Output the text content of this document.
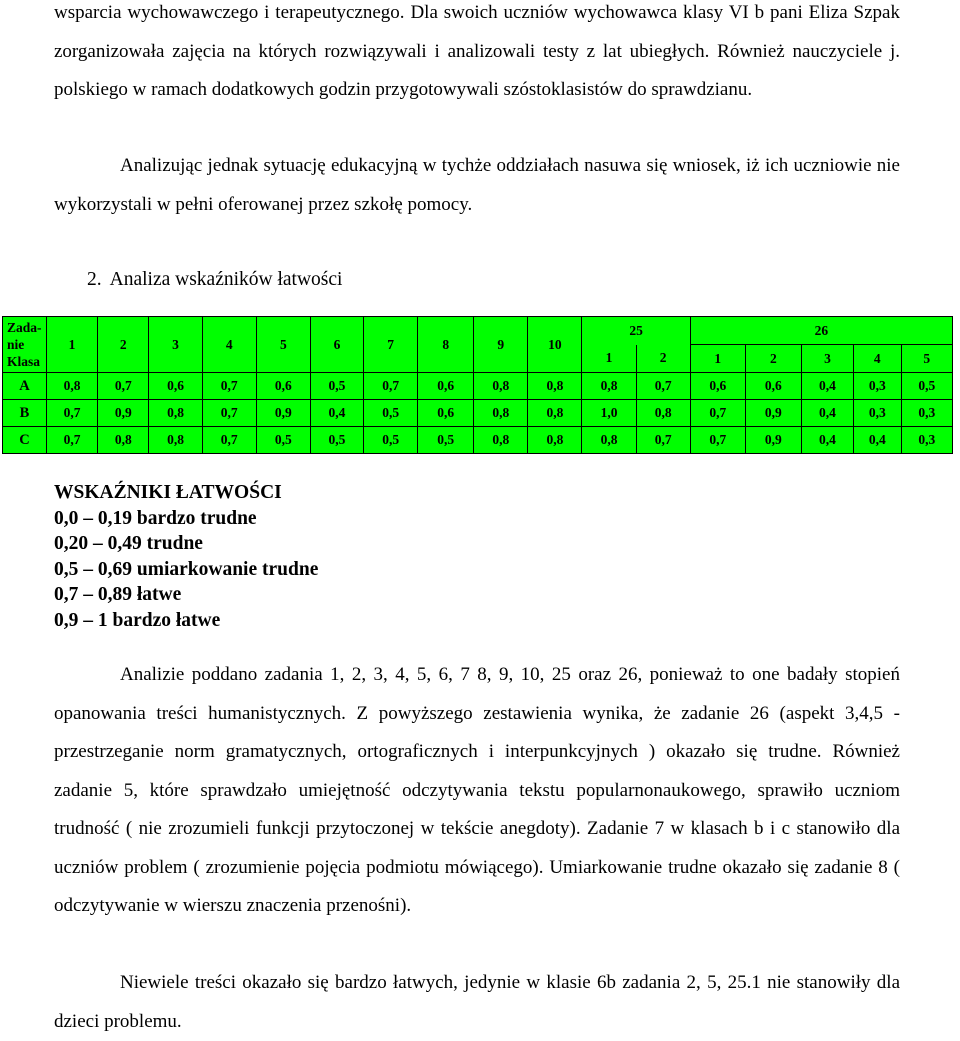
wsparcia wychowawczego i terapeutycznego. Dla swoich uczniów wychowawca klasy VI b pani Eliza Szpak zorganizowała zajęcia na których rozwiązywali i analizowali testy z lat ubiegłych. Również nauczyciele j. polskiego w ramach dodatkowych godzin przygotowywali szóstoklasistów do sprawdzianu.

Analizując jednak sytuację edukacyjną w tychże oddziałach nasuwa się wniosek, iż ich uczniowie nie wykorzystali w pełni oferowanej przez szkołę pomocy.

2. Analiza wskaźników łatwości

Zada-
nie
Klasa	1	2	3	4	5	6	7	8	9	10	25		26				
											1	2	1	2	3	4	5
A	0,8	0,7	0,6	0,7	0,6	0,5	0,7	0,6	0,8	0,8	0,8	0,7	0,6	0,6	0,4	0,3	0,5
B	0,7	0,9	0,8	0,7	0,9	0,4	0,5	0,6	0,8	0,8	1,0	0,8	0,7	0,9	0,4	0,3	0,3
C	0,7	0,8	0,8	0,7	0,5	0,5	0,5	0,5	0,8	0,8	0,8	0,7	0,7	0,9	0,4	0,4	0,3
WSKAŹNIKI ŁATWOŚCI
0,0 – 0,19 bardzo trudne
0,20 – 0,49 trudne
0,5 – 0,69 umiarkowanie trudne
0,7 – 0,89 łatwe
0,9 – 1 bardzo łatwe

Analizie poddano zadania 1, 2, 3, 4, 5, 6, 7 8, 9, 10, 25 oraz 26, ponieważ to one badały stopień opanowania treści humanistycznych. Z powyższego zestawienia wynika, że zadanie 26 (aspekt 3,4,5 - przestrzeganie norm gramatycznych, ortograficznych i interpunkcyjnych ) okazało się trudne. Również zadanie 5, które sprawdzało umiejętność odczytywania tekstu popularnonaukowego, sprawiło uczniom trudność ( nie zrozumieli funkcji przytoczonej w tekście anegdoty). Zadanie 7 w klasach b i c stanowiło dla uczniów problem ( zrozumienie pojęcia podmiotu mówiącego). Umiarkowanie trudne okazało się zadanie 8 ( odczytywanie w wierszu znaczenia przenośni).

Niewiele treści okazało się bardzo łatwych, jedynie w klasie 6b zadania 2, 5, 25.1 nie stanowiły dla dzieci problemu.
